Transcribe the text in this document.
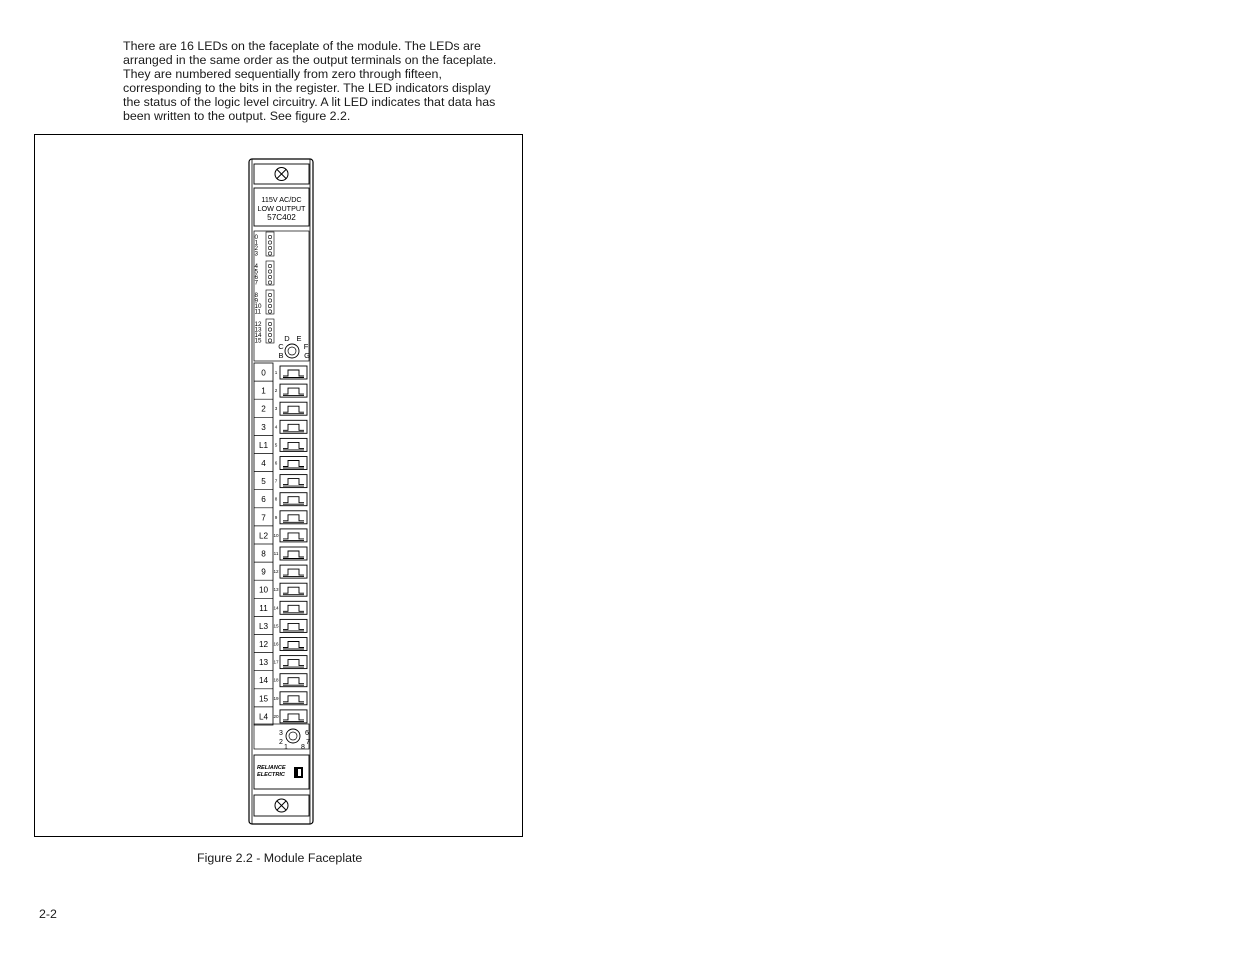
There are 16 LEDs on the faceplate of the module. The LEDs are
arranged in the same order as the output terminals on the faceplate.
They are numbered sequentially from zero through fifteen,
corresponding to the bits in the register. The LED indicators display
the status of the logic level circuitry. A lit LED indicates that data has
been written to the output. See figure 2.2.
115V AC/DC
LOW OUTPUT
57C402
0
1
2
3
4
5
6
7
8
9
10
11
12
13
14
15	D E
C	F
B	G
0 1
1 2
2 3
3 4
L1 5
4 6
5 7
6 8
7 9
L2 10
8 11
9 12
10 13
11 14
L3 15
12 16
13 17
14 18
15 19
L4 20
3	6
2	7
1 8
RELIANCE
ELECTRIC
Figure 2.2 - Module Faceplate
2-2
